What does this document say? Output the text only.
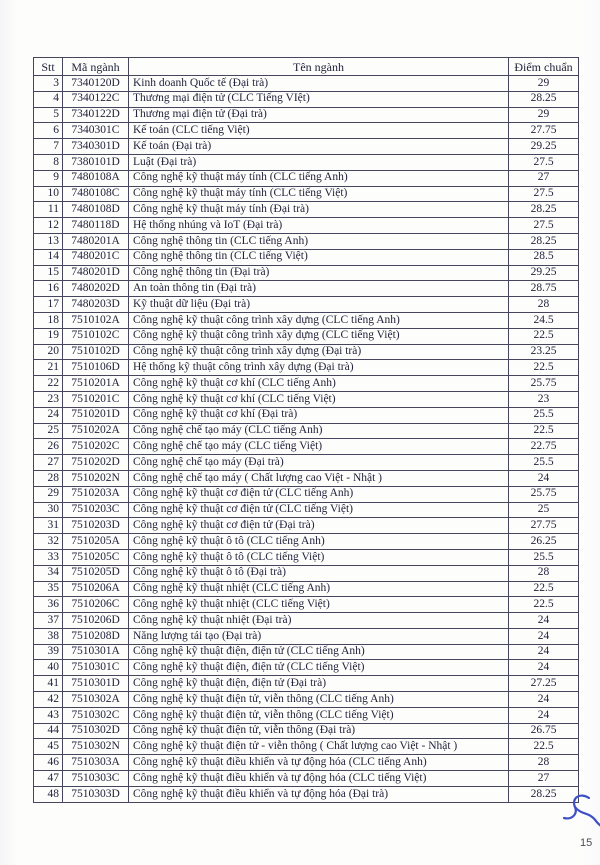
Stt	Mã ngành	Tên ngành	Điểm chuẩn
3	7340120D	Kinh doanh Quốc tế (Đại trà)	29
4	7340122C	Thương mại điện tử (CLC Tiếng VIệt)	28.25
5	7340122D	Thương mại điện tử (Đại trà)	29
6	7340301C	Kế toán (CLC tiếng Việt)	27.75
7	7340301D	Kế toán (Đại trà)	29.25
8	7380101D	Luật (Đại trà)	27.5
9	7480108A	Công nghệ kỹ thuật máy tính (CLC tiếng Anh)	27
10	7480108C	Công nghệ kỹ thuật máy tính (CLC tiếng Việt)	27.5
11	7480108D	Công nghệ kỹ thuật máy tính (Đại trà)	28.25
12	7480118D	Hệ thống nhúng và IoT (Đại trà)	27.5
13	7480201A	Công nghệ thông tin (CLC tiếng Anh)	28.25
14	7480201C	Công nghệ thông tin (CLC tiếng Việt)	28.5
15	7480201D	Công nghệ thông tin (Đại trà)	29.25
16	7480202D	An toàn thông tin (Đại trà)	28.75
17	7480203D	Kỹ thuật dữ liệu (Đại trà)	28
18	7510102A	Công nghệ kỹ thuật công trình xây dựng (CLC tiếng Anh)	24.5
19	7510102C	Công nghệ kỹ thuật công trình xây dựng (CLC tiếng Việt)	22.5
20	7510102D	Công nghệ kỹ thuật công trình xây dựng (Đại trà)	23.25
21	7510106D	Hệ thống kỹ thuật công trình xây dựng (Đại trà)	22.5
22	7510201A	Công nghệ kỹ thuật cơ khí (CLC tiếng Anh)	25.75
23	7510201C	Công nghệ kỹ thuật cơ khí (CLC tiếng Việt)	23
24	7510201D	Công nghệ kỹ thuật cơ khí (Đại trà)	25.5
25	7510202A	Công nghệ chế tạo máy (CLC tiếng Anh)	22.5
26	7510202C	Công nghệ chế tạo máy (CLC tiếng Việt)	22.75
27	7510202D	Công nghệ chế tạo máy (Đại trà)	25.5
28	7510202N	Công nghệ chế tạo máy ( Chất lượng cao Việt - Nhật )	24
29	7510203A	Công nghệ kỹ thuật cơ điện tử (CLC tiếng Anh)	25.75
30	7510203C	Công nghệ kỹ thuật cơ điện tử (CLC tiếng Việt)	25
31	7510203D	Công nghệ kỹ thuật cơ điện tử (Đại trà)	27.75
32	7510205A	Công nghệ kỹ thuật ô tô (CLC tiếng Anh)	26.25
33	7510205C	Công nghệ kỹ thuật ô tô (CLC tiếng Việt)	25.5
34	7510205D	Công nghệ kỹ thuật ô tô (Đại trà)	28
35	7510206A	Công nghệ kỹ thuật nhiệt (CLC tiếng Anh)	22.5
36	7510206C	Công nghệ kỹ thuật nhiệt (CLC tiếng Việt)	22.5
37	7510206D	Công nghệ kỹ thuật nhiệt (Đại trà)	24
38	7510208D	Năng lượng tái tạo (Đại trà)	24
39	7510301A	Công nghệ kỹ thuật điện, điện tử (CLC tiếng Anh)	24
40	7510301C	Công nghệ kỹ thuật điện, điện tử (CLC tiếng Việt)	24
41	7510301D	Công nghệ kỹ thuật điện, điện tử (Đại trà)	27.25
42	7510302A	Công nghệ kỹ thuật điện tử, viễn thông (CLC tiếng Anh)	24
43	7510302C	Công nghệ kỹ thuật điện tử, viễn thông (CLC tiếng Việt)	24
44	7510302D	Công nghệ kỹ thuật điện tử, viễn thông (Đại trà)	26.75
45	7510302N	Công nghệ kỹ thuật điện tử - viễn thông ( Chất lượng cao Việt - Nhật )	22.5
46	7510303A	Công nghệ kỹ thuật điều khiển và tự động hóa (CLC tiếng Anh)	28
47	7510303C	Công nghệ kỹ thuật điều khiển và tự động hóa (CLC tiếng Việt)	27
48	7510303D	Công nghệ kỹ thuật điều khiển và tự động hóa (Đại trà)	28.25
15
